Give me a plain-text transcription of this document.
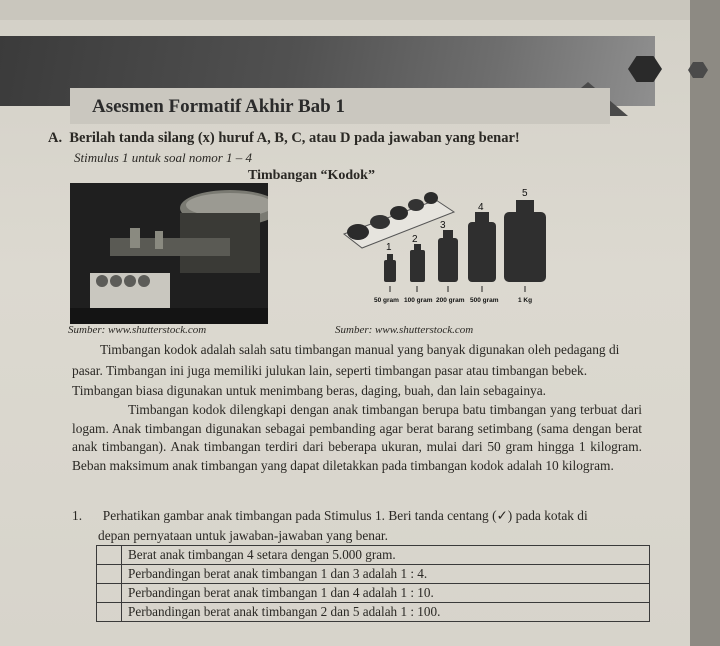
Asesmen Formatif Akhir Bab 1
A.  Berilah tanda silang (x) huruf A, B, C, atau D pada jawaban yang benar!
Stimulus 1 untuk soal nomor 1 – 4
Timbangan “Kodok”
1
2
3
4
5
50 gram 100 gram 200 gram 500 gram	1 Kg
Sumber: www.shutterstock.com	Sumber: www.shutterstock.com

Timbangan kodok adalah salah satu timbangan manual yang banyak digunakan oleh pedagang di

pasar. Timbangan ini juga memiliki julukan lain, seperti timbangan pasar atau timbangan bebek.

Timbangan biasa digunakan untuk menimbang beras, daging, buah, dan lain sebagainya.

Timbangan kodok dilengkapi dengan anak timbangan berupa batu timbangan yang terbuat dari logam. Anak timbangan digunakan sebagai pembanding agar berat barang setimbang (sama dengan berat anak timbangan). Anak timbangan terdiri dari beberapa ukuran, mulai dari 50 gram hingga 1 kilogram. Beban maksimum anak timbangan yang dapat diletakkan pada timbangan kodok adalah 10 kilogram.

1. Perhatikan gambar anak timbangan pada Stimulus 1. Beri tanda centang (✓) pada kotak di
depan pernyataan untuk jawaban-jawaban yang benar.
	Berat anak timbangan 4 setara dengan 5.000 gram.
	Perbandingan berat anak timbangan 1 dan 3 adalah 1 : 4.
	Perbandingan berat anak timbangan 1 dan 4 adalah 1 : 10.
	Perbandingan berat anak timbangan 2 dan 5 adalah 1 : 100.
